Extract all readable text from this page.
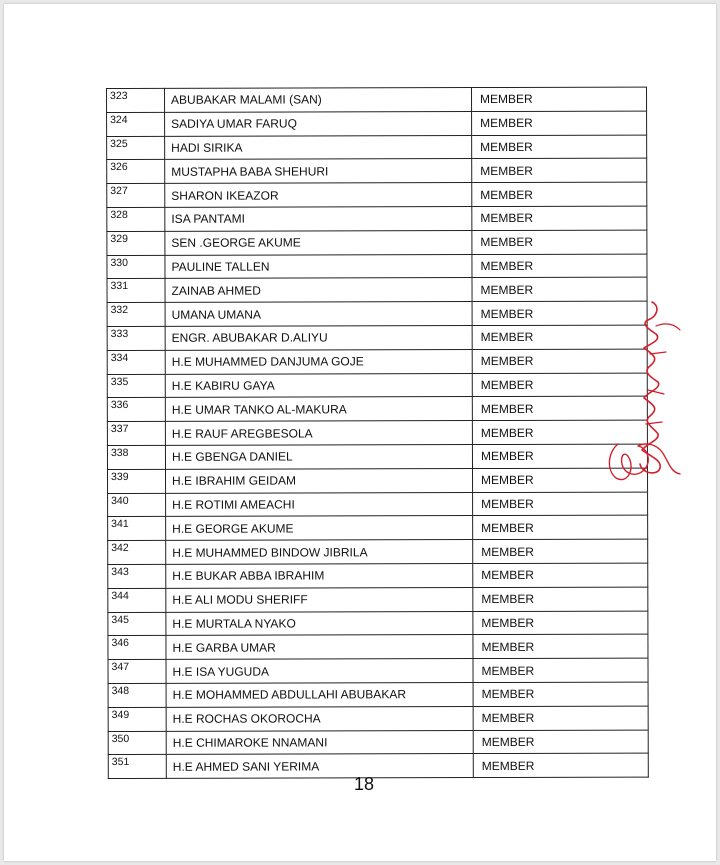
323	ABUBAKAR MALAMI (SAN)	MEMBER
324	SADIYA UMAR FARUQ	MEMBER
325	HADI SIRIKA	MEMBER
326	MUSTAPHA BABA SHEHURI	MEMBER
327	SHARON IKEAZOR	MEMBER
328	ISA PANTAMI	MEMBER
329	SEN .GEORGE AKUME	MEMBER
330	PAULINE TALLEN	MEMBER
331	ZAINAB AHMED	MEMBER
332	UMANA UMANA	MEMBER
333	ENGR. ABUBAKAR D.ALIYU	MEMBER
334	H.E MUHAMMED DANJUMA GOJE	MEMBER
335	H.E KABIRU GAYA	MEMBER
336	H.E UMAR TANKO AL-MAKURA	MEMBER
337	H.E RAUF AREGBESOLA	MEMBER
338	H.E GBENGA DANIEL	MEMBER
339	H.E IBRAHIM GEIDAM	MEMBER
340	H.E ROTIMI AMEACHI	MEMBER
341	H.E GEORGE AKUME	MEMBER
342	H.E MUHAMMED BINDOW JIBRILA	MEMBER
343	H.E BUKAR ABBA IBRAHIM	MEMBER
344	H.E ALI MODU SHERIFF	MEMBER
345	H.E MURTALA NYAKO	MEMBER
346	H.E GARBA UMAR	MEMBER
347	H.E ISA YUGUDA	MEMBER
348	H.E MOHAMMED ABDULLAHI ABUBAKAR	MEMBER
349	H.E ROCHAS OKOROCHA	MEMBER
350	H.E CHIMAROKE NNAMANI	MEMBER
351	H.E AHMED SANI YERIMA	MEMBER
18
